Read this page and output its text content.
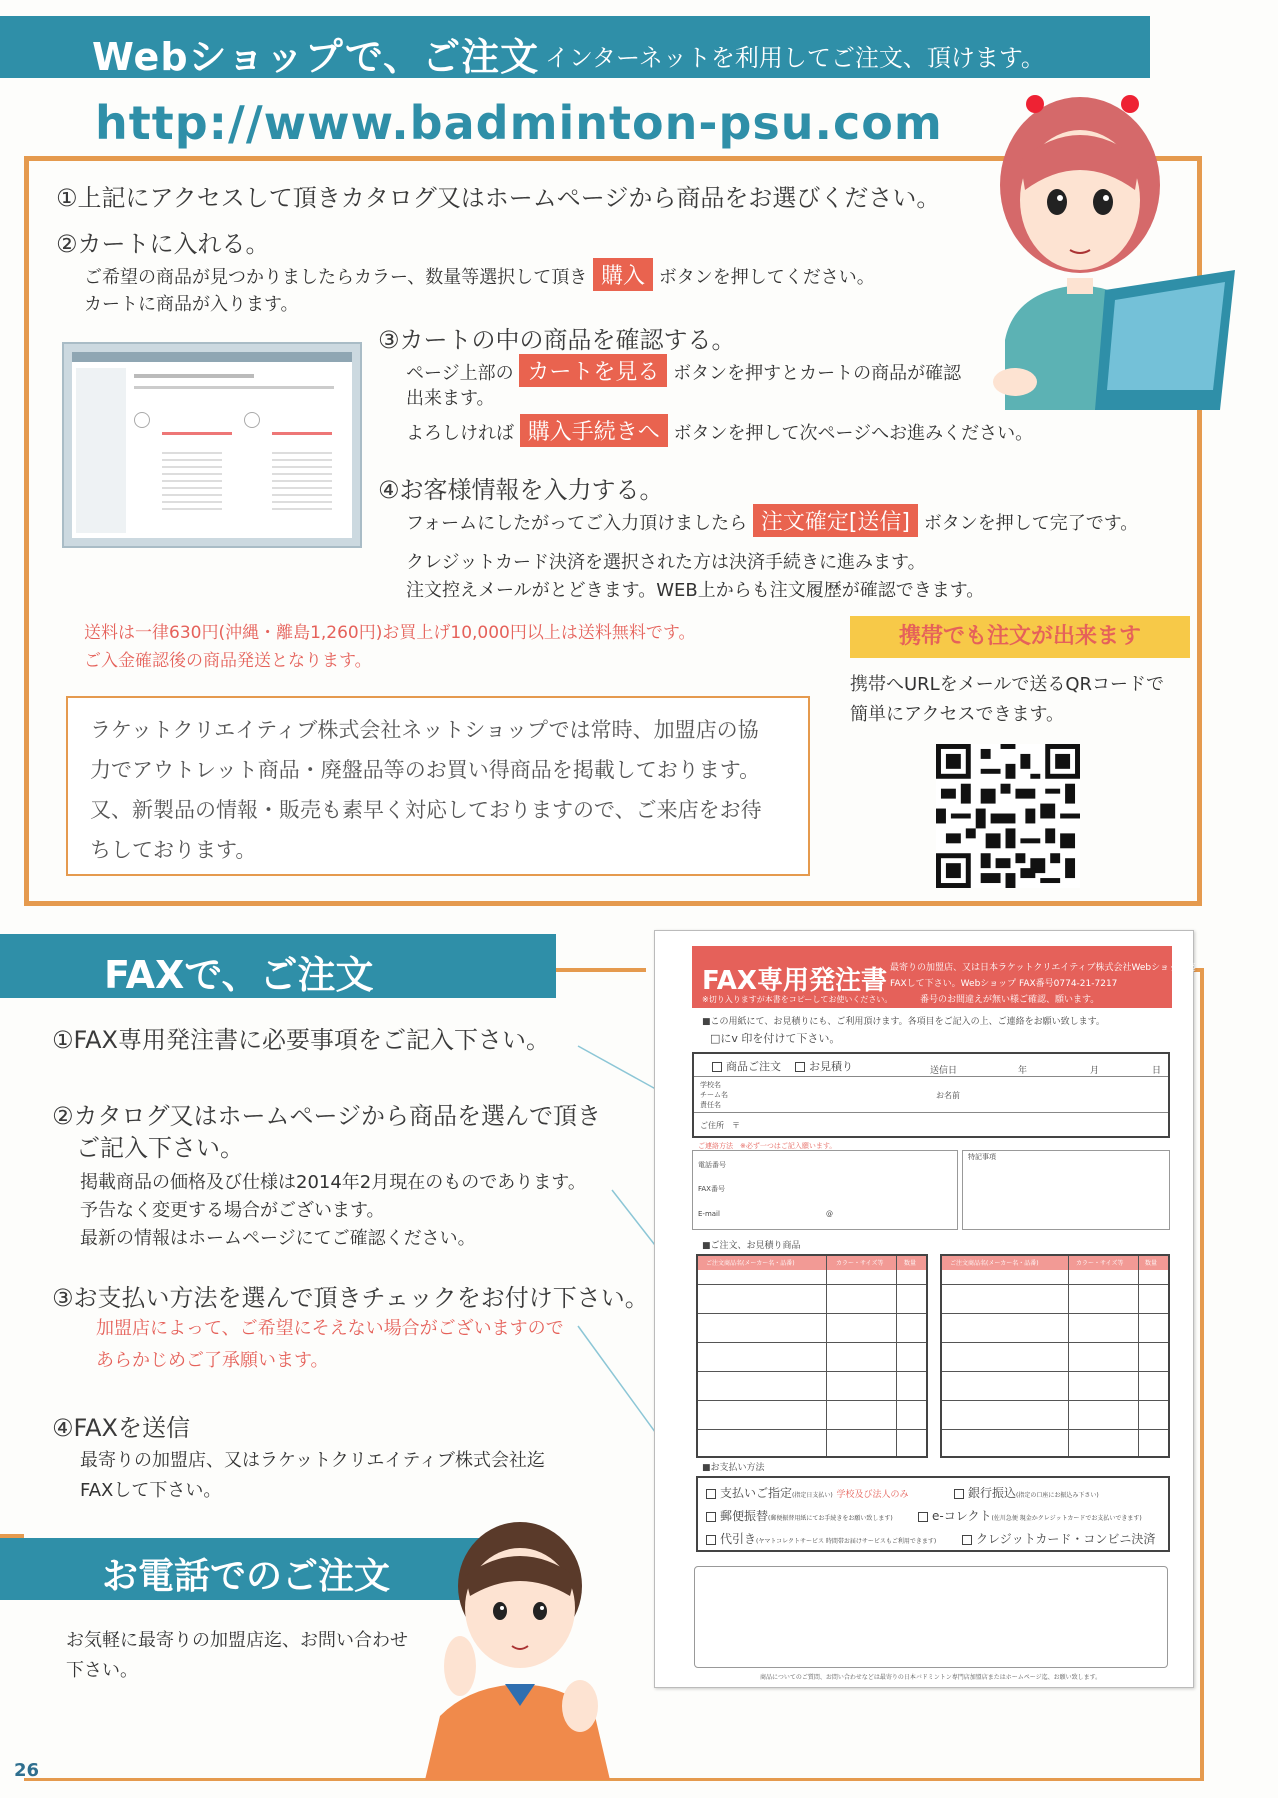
Webショップで、ご注文 インターネットを利用してご注文、頂けます。
http://www.badminton-psu.com
①上記にアクセスして頂きカタログ又はホームページから商品をお選びください。
②カートに入れる。
ご希望の商品が見つかりましたらカラー、数量等選択して頂き 購入 ボタンを押してください。
カートに商品が入ります。
③カートの中の商品を確認する。
ページ上部の カートを見る ボタンを押すとカートの商品が確認
出来ます。
よろしければ 購入手続きへ ボタンを押して次ページへお進みください。
④お客様情報を入力する。
フォームにしたがってご入力頂けましたら 注文確定[送信] ボタンを押して完了です。
クレジットカード決済を選択された方は決済手続きに進みます。
注文控えメールがとどきます。WEB上からも注文履歴が確認できます。
送料は一律630円(沖縄・離島1,260円)お買上げ10,000円以上は送料無料です。
ご入金確認後の商品発送となります。
ラケットクリエイティブ株式会社ネットショップでは常時、加盟店の協
力でアウトレット商品・廃盤品等のお買い得商品を掲載しております。
又、新製品の情報・販売も素早く対応しておりますので、ご来店をお待
ちしております。
携帯でも注文が出来ます
携帯へURLをメールで送るQRコードで
簡単にアクセスできます。
FAXで、ご注文
①FAX専用発注書に必要事項をご記入下さい。
②カタログ又はホームページから商品を選んで頂き
ご記入下さい。
掲載商品の価格及び仕様は2014年2月現在のものであります。
予告なく変更する場合がございます。
最新の情報はホームページにてご確認ください。
③お支払い方法を選んで頂きチェックをお付け下さい。
加盟店によって、ご希望にそえない場合がございますので
あらかじめご了承願います。
④FAXを送信
最寄りの加盟店、又はラケットクリエイティブ株式会社迄
FAXして下さい。
FAX専用発注書
※切り入りますが本書をコピーしてお使いください。
最寄りの加盟店、又は日本ラケットクリエイティブ株式会社Webショップ迄
FAXして下さい。Webショップ FAX番号0774-21-7217
番号のお間違えが無い様ご確認、願います。
■この用紙にて、お見積りにも、ご利用頂けます。各項目をご記入の上、ご連絡をお願い致します。
□にv 印を付けて下さい。
商品ご注文	お見積り	送信日	年	月	日
学校名
チーム名
責任名
お名前
ご住所　〒
ご連絡方法　※必ず一つはご記入願います。
電話番号
FAX番号
E-mail	@
特記事項
■ご注文、お見積り商品
ご注文商品名(メーカー名・品番)	カラー・サイズ等	数量	ご注文商品名(メーカー名・品番)	カラー・サイズ等	数量
■お支払い方法
支払いご指定(指定日支払い) 学校及び法人のみ	銀行振込(指定の口座にお振込み下さい)
郵便振替(郵便振替用紙にてお手続きをお願い致します)	e-コレクト(佐川急便 現金かクレジットカードでお支払いできます)
代引き(ヤマトコレクトサービス 時間帯お届けサービスもご利用できます)	クレジットカード・コンビニ決済
商品についてのご質問、お問い合わせなどは最寄りの日本バドミントン専門店加盟店またはホームページ迄、お願い致します。
お電話でのご注文
お気軽に最寄りの加盟店迄、お問い合わせ
下さい。
26
